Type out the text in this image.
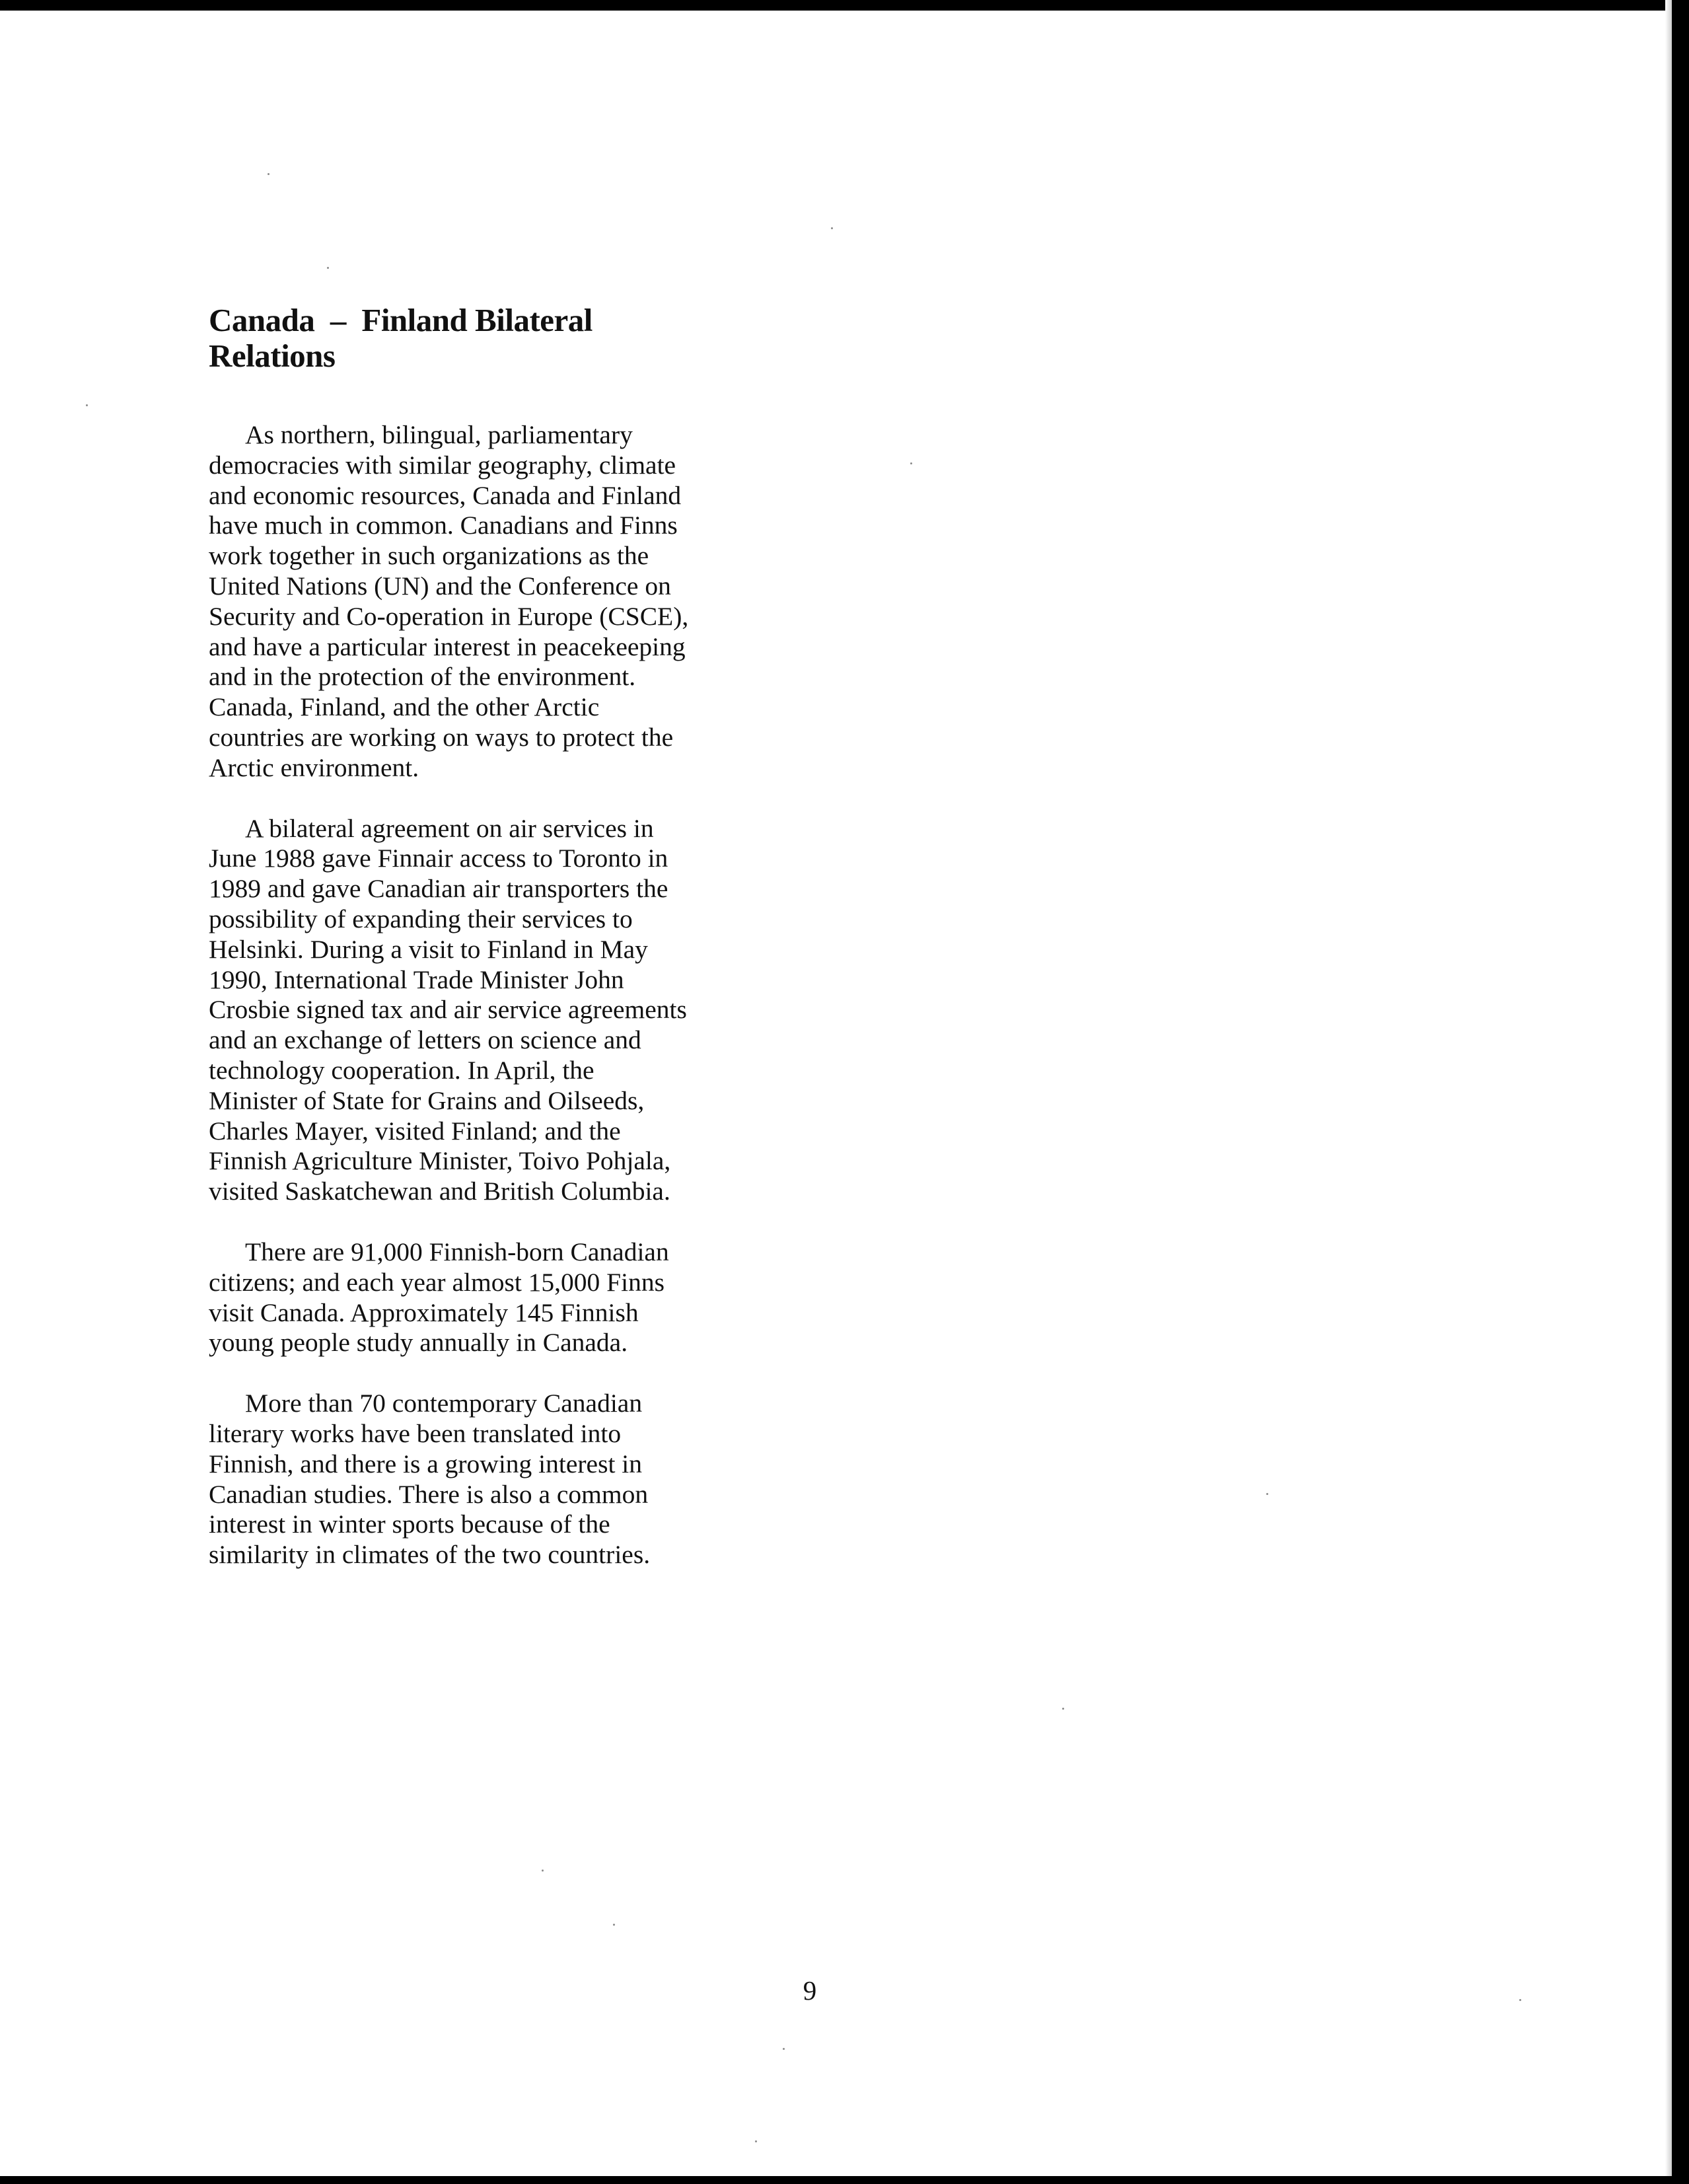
Canada  –  Finland Bilateral
Relations
As northern, bilingual, parliamentary
democracies with similar geography, climate
and economic resources, Canada and Finland
have much in common. Canadians and Finns
work together in such organizations as the
United Nations (UN) and the Conference on
Security and Co-operation in Europe (CSCE),
and have a particular interest in peacekeeping
and in the protection of the environment.
Canada, Finland, and the other Arctic
countries are working on ways to protect the
Arctic environment.
A bilateral agreement on air services in
June 1988 gave Finnair access to Toronto in
1989 and gave Canadian air transporters the
possibility of expanding their services to
Helsinki. During a visit to Finland in May
1990, International Trade Minister John
Crosbie signed tax and air service agreements
and an exchange of letters on science and
technology cooperation. In April, the
Minister of State for Grains and Oilseeds,
Charles Mayer, visited Finland; and the
Finnish Agriculture Minister, Toivo Pohjala,
visited Saskatchewan and British Columbia.
There are 91,000 Finnish-born Canadian
citizens; and each year almost 15,000 Finns
visit Canada. Approximately 145 Finnish
young people study annually in Canada.
More than 70 contemporary Canadian
literary works have been translated into
Finnish, and there is a growing interest in
Canadian studies. There is also a common
interest in winter sports because of the
similarity in climates of the two countries.
9
